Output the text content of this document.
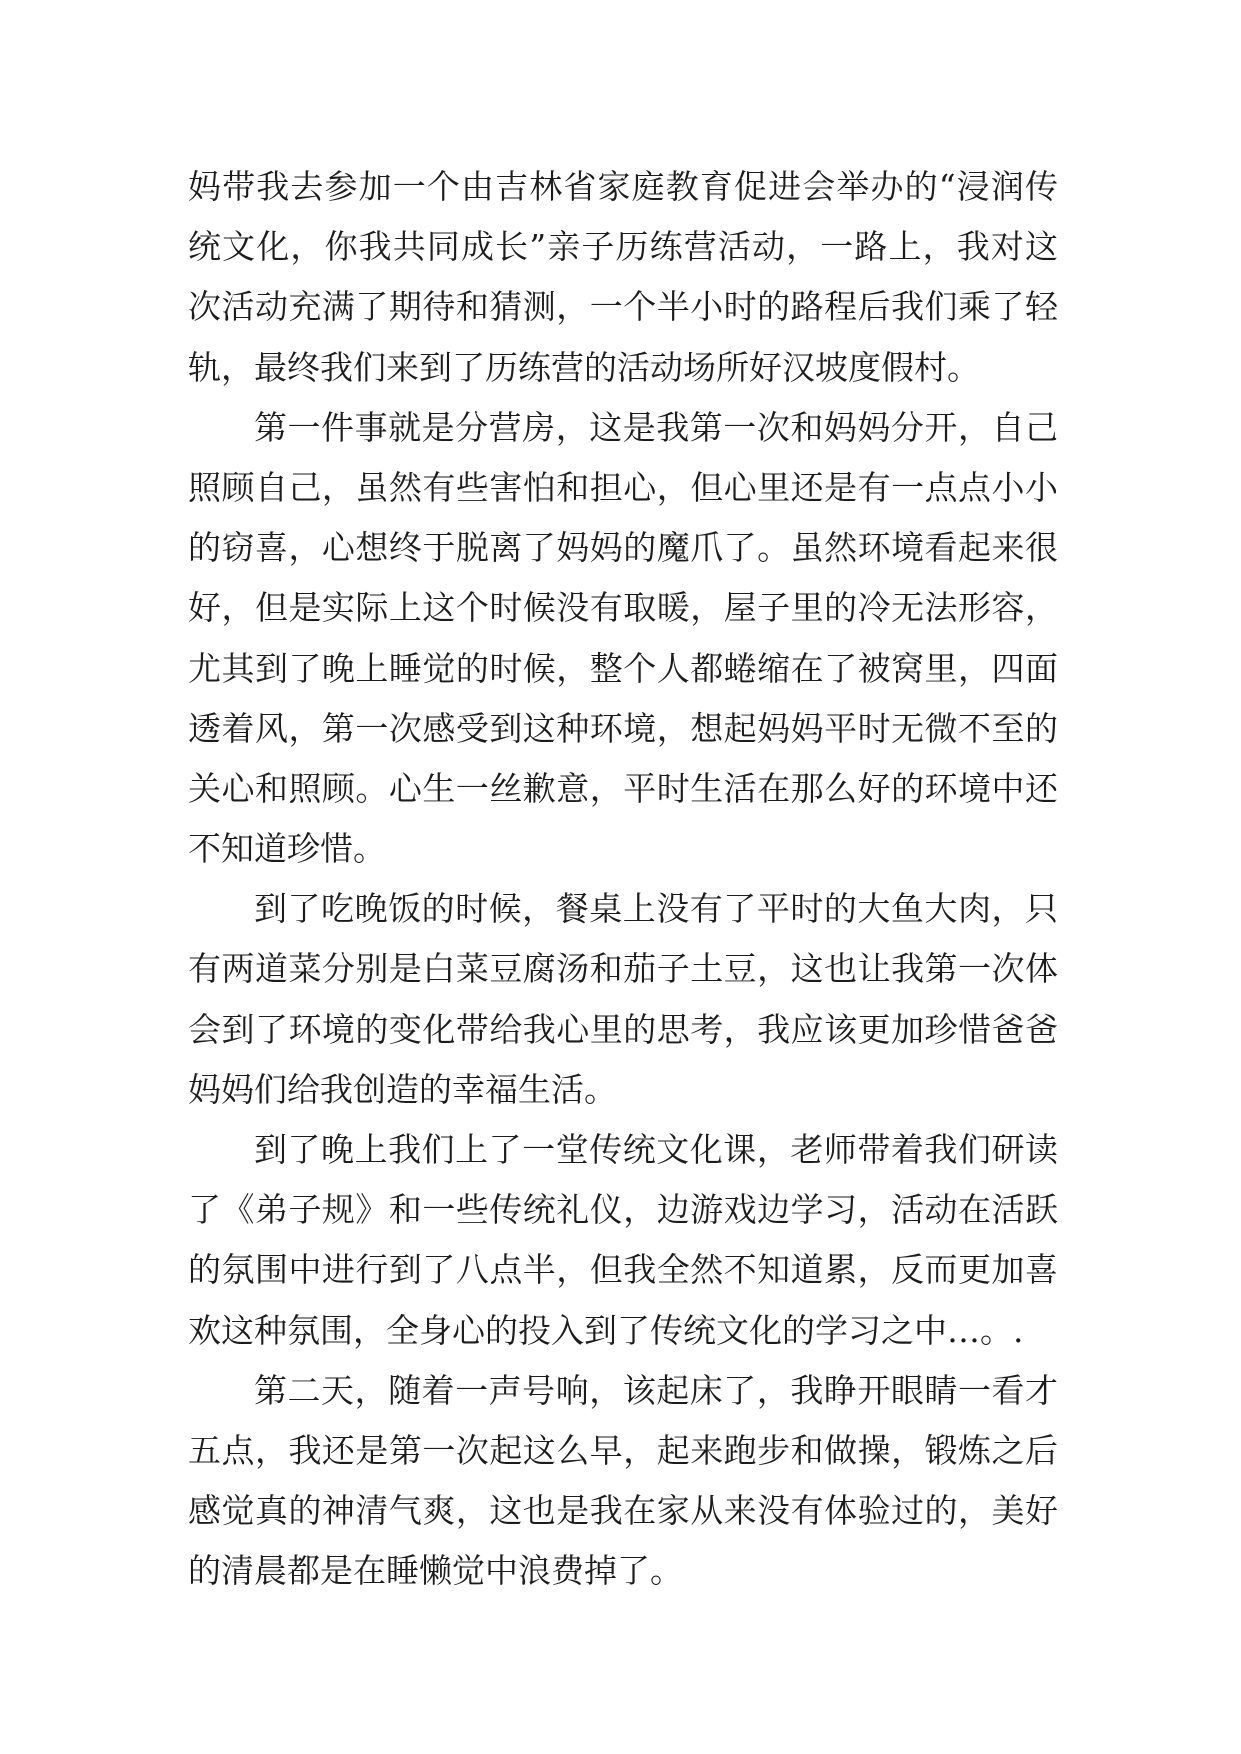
妈带我去参加一个由吉林省家庭教育促进会举办的“浸润传
统文化，你我共同成长”亲子历练营活动，一路上，我对这
次活动充满了期待和猜测，一个半小时的路程后我们乘了轻
轨，最终我们来到了历练营的活动场所好汉坡度假村。
第一件事就是分营房，这是我第一次和妈妈分开，自己
照顾自己，虽然有些害怕和担心，但心里还是有一点点小小
的窃喜，心想终于脱离了妈妈的魔爪了。虽然环境看起来很
好，但是实际上这个时候没有取暖，屋子里的冷无法形容，
尤其到了晚上睡觉的时候，整个人都蜷缩在了被窝里，四面
透着风，第一次感受到这种环境，想起妈妈平时无微不至的
关心和照顾。心生一丝歉意，平时生活在那么好的环境中还
不知道珍惜。
到了吃晚饭的时候，餐桌上没有了平时的大鱼大肉，只
有两道菜分别是白菜豆腐汤和茄子土豆，这也让我第一次体
会到了环境的变化带给我心里的思考，我应该更加珍惜爸爸
妈妈们给我创造的幸福生活。
到了晚上我们上了一堂传统文化课，老师带着我们研读
了《弟子规》和一些传统礼仪，边游戏边学习，活动在活跃
的氛围中进行到了八点半，但我全然不知道累，反而更加喜
欢这种氛围，全身心的投入到了传统文化的学习之中…。.
第二天，随着一声号响，该起床了，我睁开眼睛一看才
五点，我还是第一次起这么早，起来跑步和做操，锻炼之后
感觉真的神清气爽，这也是我在家从来没有体验过的，美好
的清晨都是在睡懒觉中浪费掉了。
